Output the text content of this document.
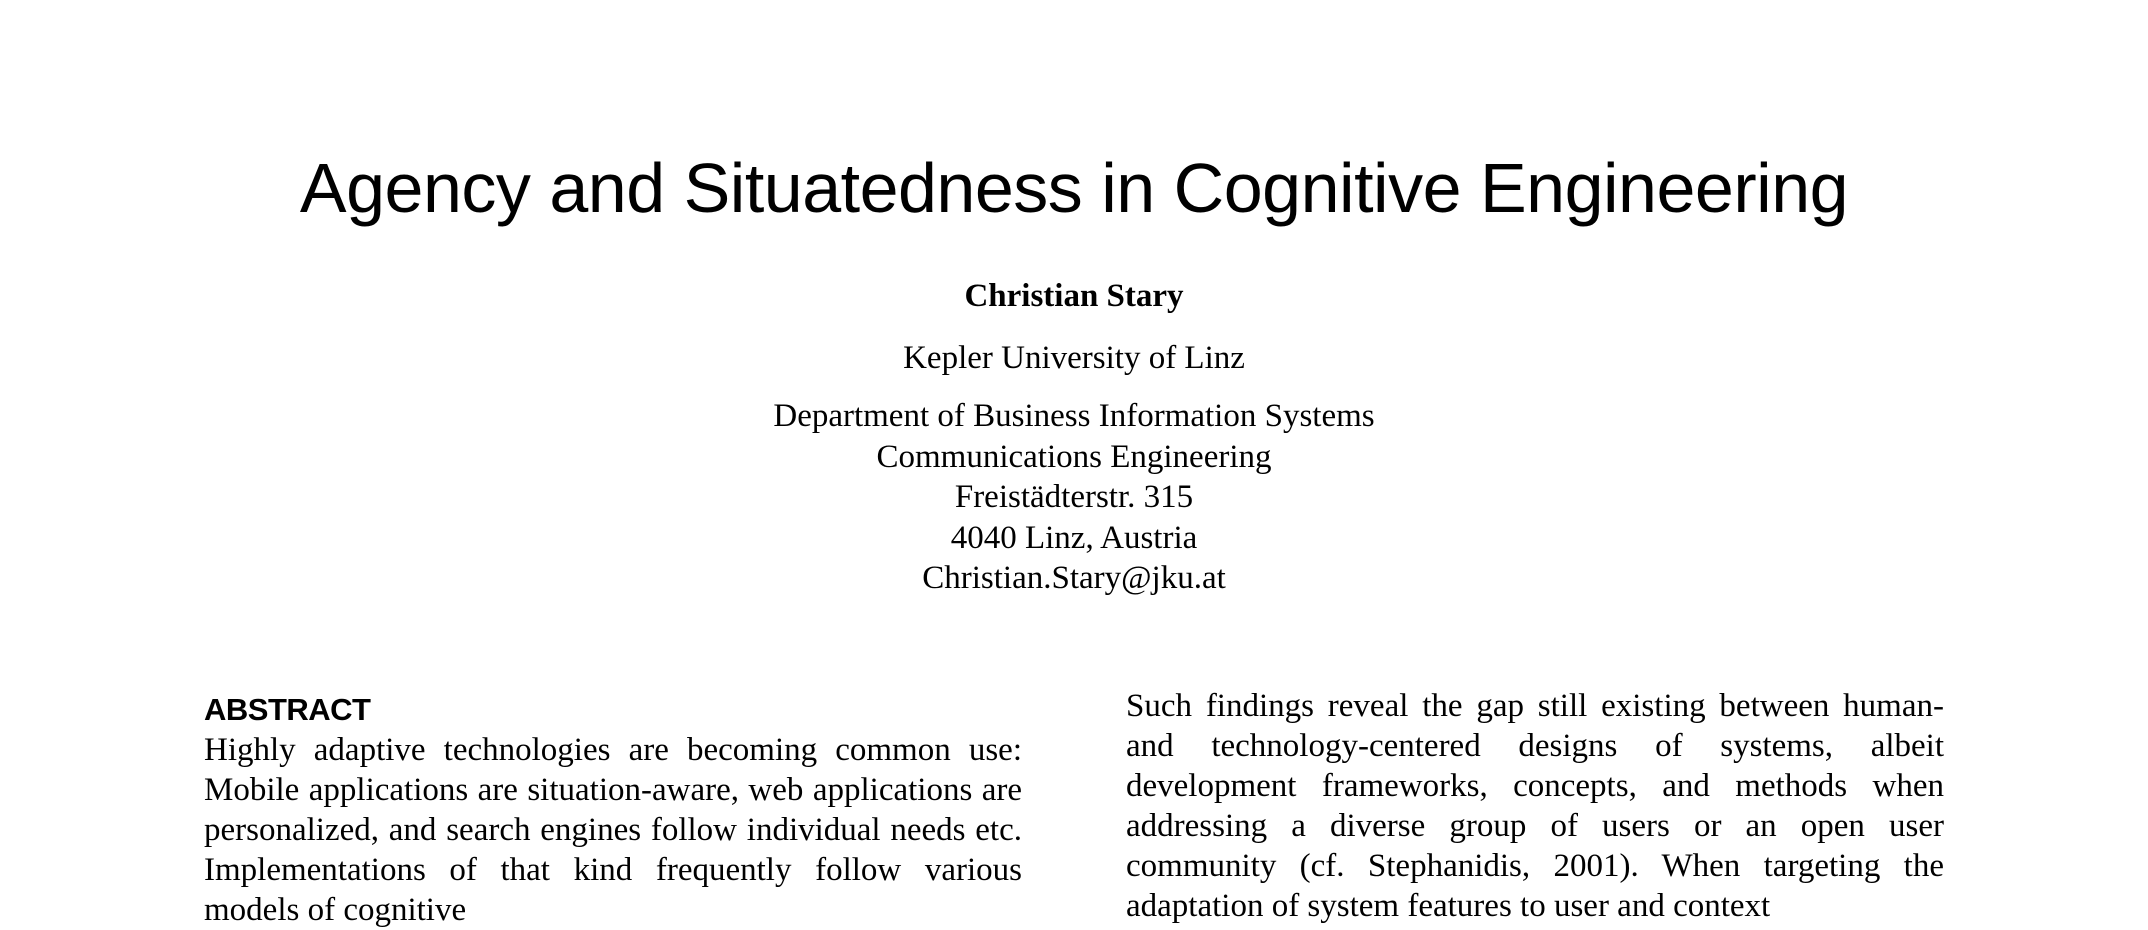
Agency and Situatedness in Cognitive Engineering
Christian Stary
Kepler University of Linz
Department of Business Information Systems
Communications Engineering
Freistädterstr. 315
4040 Linz, Austria
Christian.Stary@jku.at
ABSTRACT

Highly adaptive technologies are becoming common use: Mobile applications are situation-aware, web applications are personalized, and search engines follow individual needs etc. Implementations of that kind frequently follow various models of cognitive

Such findings reveal the gap still existing between human- and technology-centered designs of systems, albeit development frameworks, concepts, and methods when addressing a diverse group of users or an open user community (cf. Stephanidis, 2001). When targeting the adaptation of system features to user and context
